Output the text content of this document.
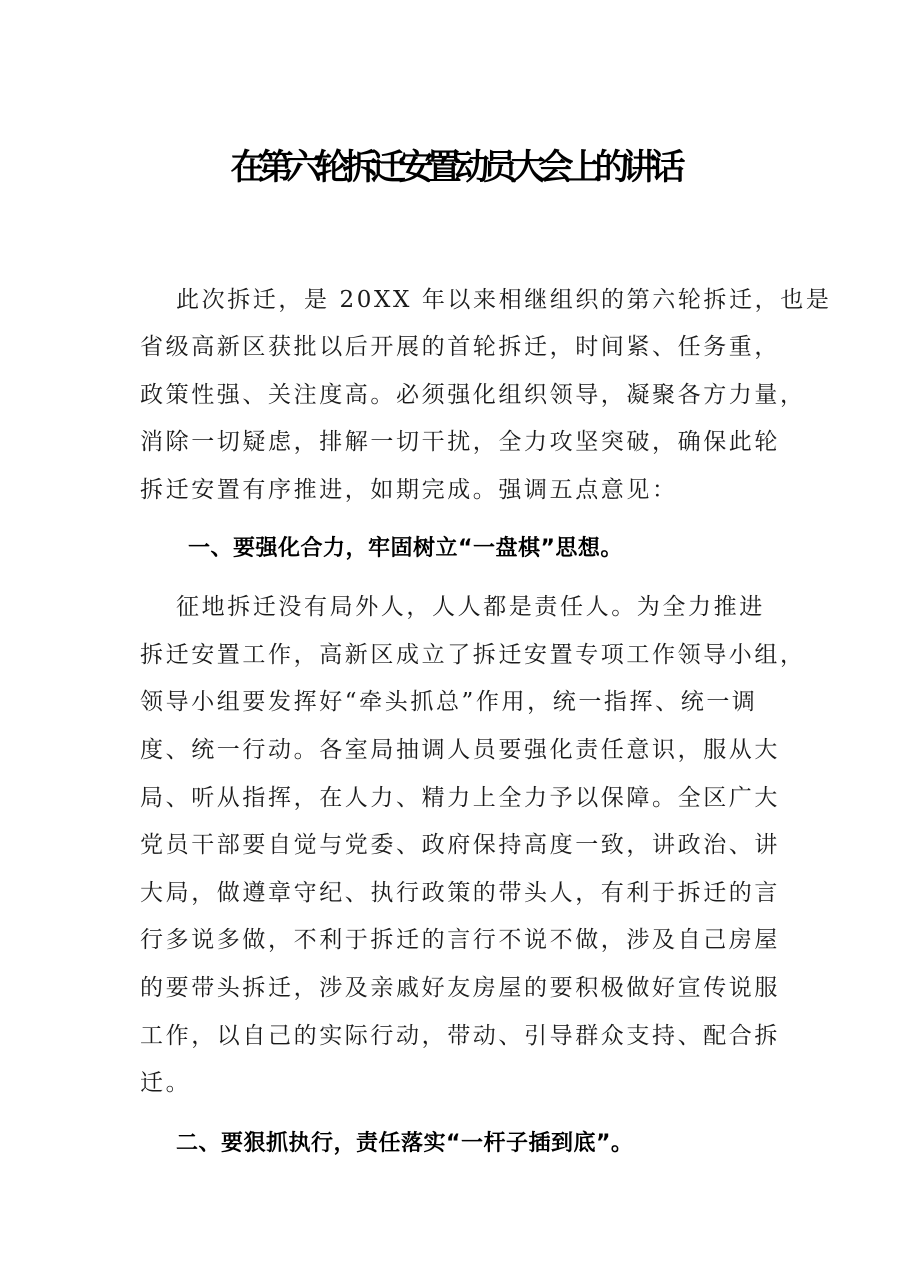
在第六轮拆迁安置动员大会上的讲话

此次拆迁，是 20XX 年以来相继组织的第六轮拆迁，也是

省级高新区获批以后开展的首轮拆迁，时间紧、任务重，

政策性强、关注度高。必须强化组织领导，凝聚各方力量，

消除一切疑虑，排解一切干扰，全力攻坚突破，确保此轮

拆迁安置有序推进，如期完成。强调五点意见：

一、要强化合力，牢固树立“一盘棋”思想。

征地拆迁没有局外人，人人都是责任人。为全力推进

拆迁安置工作，高新区成立了拆迁安置专项工作领导小组，

领导小组要发挥好“牵头抓总”作用，统一指挥、统一调

度、统一行动。各室局抽调人员要强化责任意识，服从大

局、听从指挥，在人力、精力上全力予以保障。全区广大

党员干部要自觉与党委、政府保持高度一致，讲政治、讲

大局，做遵章守纪、执行政策的带头人，有利于拆迁的言

行多说多做，不利于拆迁的言行不说不做，涉及自己房屋

的要带头拆迁，涉及亲戚好友房屋的要积极做好宣传说服

工作，以自己的实际行动，带动、引导群众支持、配合拆

迁。

二、要狠抓执行，责任落实“一杆子插到底”。
